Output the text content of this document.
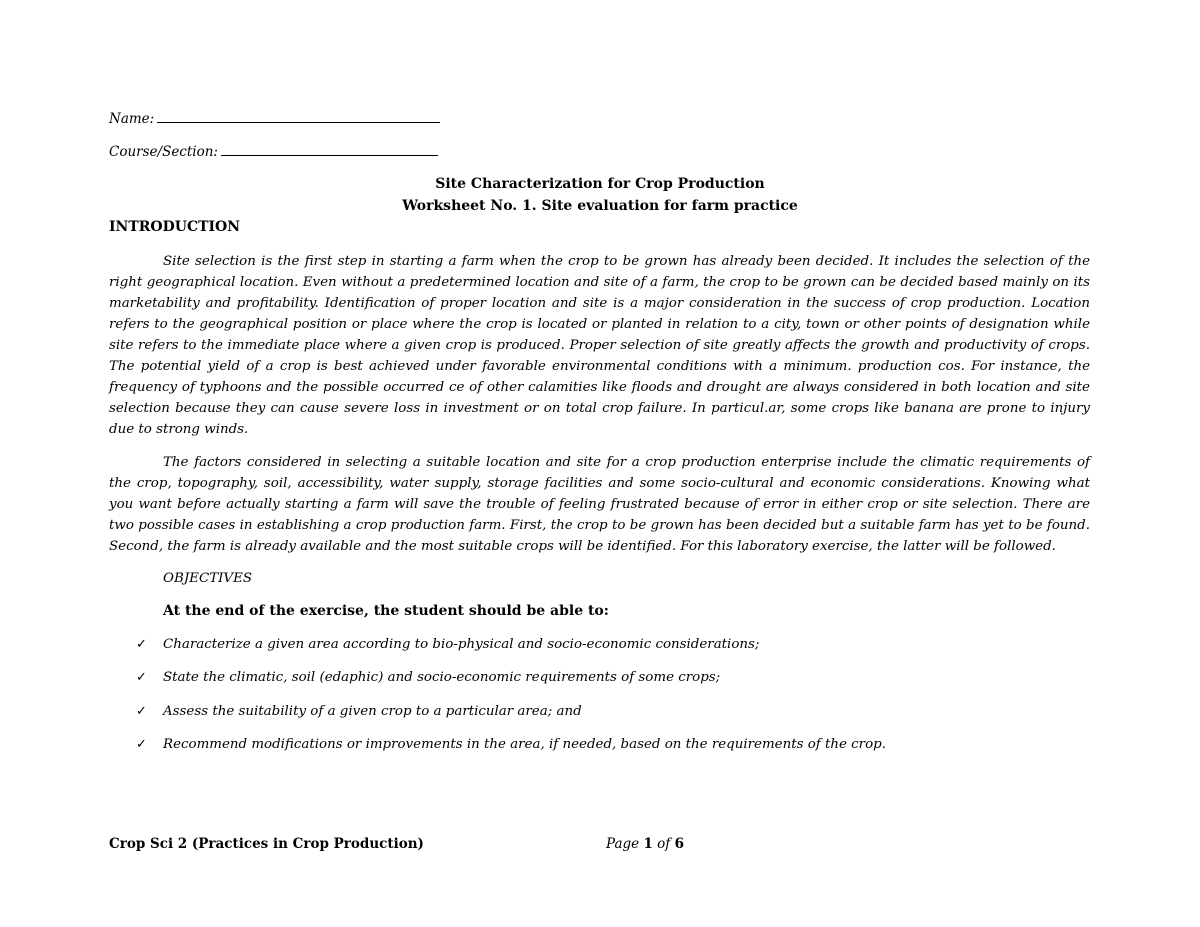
Name:
Course/Section:
Site Characterization for Crop Production
Worksheet No. 1. Site evaluation for farm practice
INTRODUCTION

Site selection is the first step in starting a farm when the crop to be grown has already been decided. It includes the selection of the right geographical location. Even without a predetermined location and site of a farm, the crop to be grown can be decided based mainly on its marketability and profitability. Identification of proper location and site is a major consideration in the success of crop production. Location refers to the geographical position or place where the crop is located or planted in relation to a city, town or other points of designation while site refers to the immediate place where a given crop is produced. Proper selection of site greatly affects the growth and productivity of crops. The potential yield of a crop is best achieved under favorable environmental conditions with a minimum. production cos. For instance, the frequency of typhoons and the possible occurred ce of other calamities like floods and drought are always considered in both location and site selection because they can cause severe loss in investment or on total crop failure. In particul.ar, some crops like banana are prone to injury due to strong winds.

The factors considered in selecting a suitable location and site for a crop production enterprise include the climatic requirements of the crop, topography, soil, accessibility, water supply, storage facilities and some socio-cultural and economic considerations. Knowing what you want before actually starting a farm will save the trouble of feeling frustrated because of error in either crop or site selection. There are two possible cases in establishing a crop production farm. First, the crop to be grown has been decided but a suitable farm has yet to be found. Second, the farm is already available and the most suitable crops will be identified. For this laboratory exercise, the latter will be followed.

OBJECTIVES
At the end of the exercise, the student should be able to:
✓ Characterize a given area according to bio-physical and socio-economic considerations;
✓ State the climatic, soil (edaphic) and socio-economic requirements of some crops;
✓ Assess the suitability of a given crop to a particular area; and
✓ Recommend modifications or improvements in the area, if needed, based on the requirements of the crop.
Crop Sci 2 (Practices in Crop Production)	Page 1 of 6
